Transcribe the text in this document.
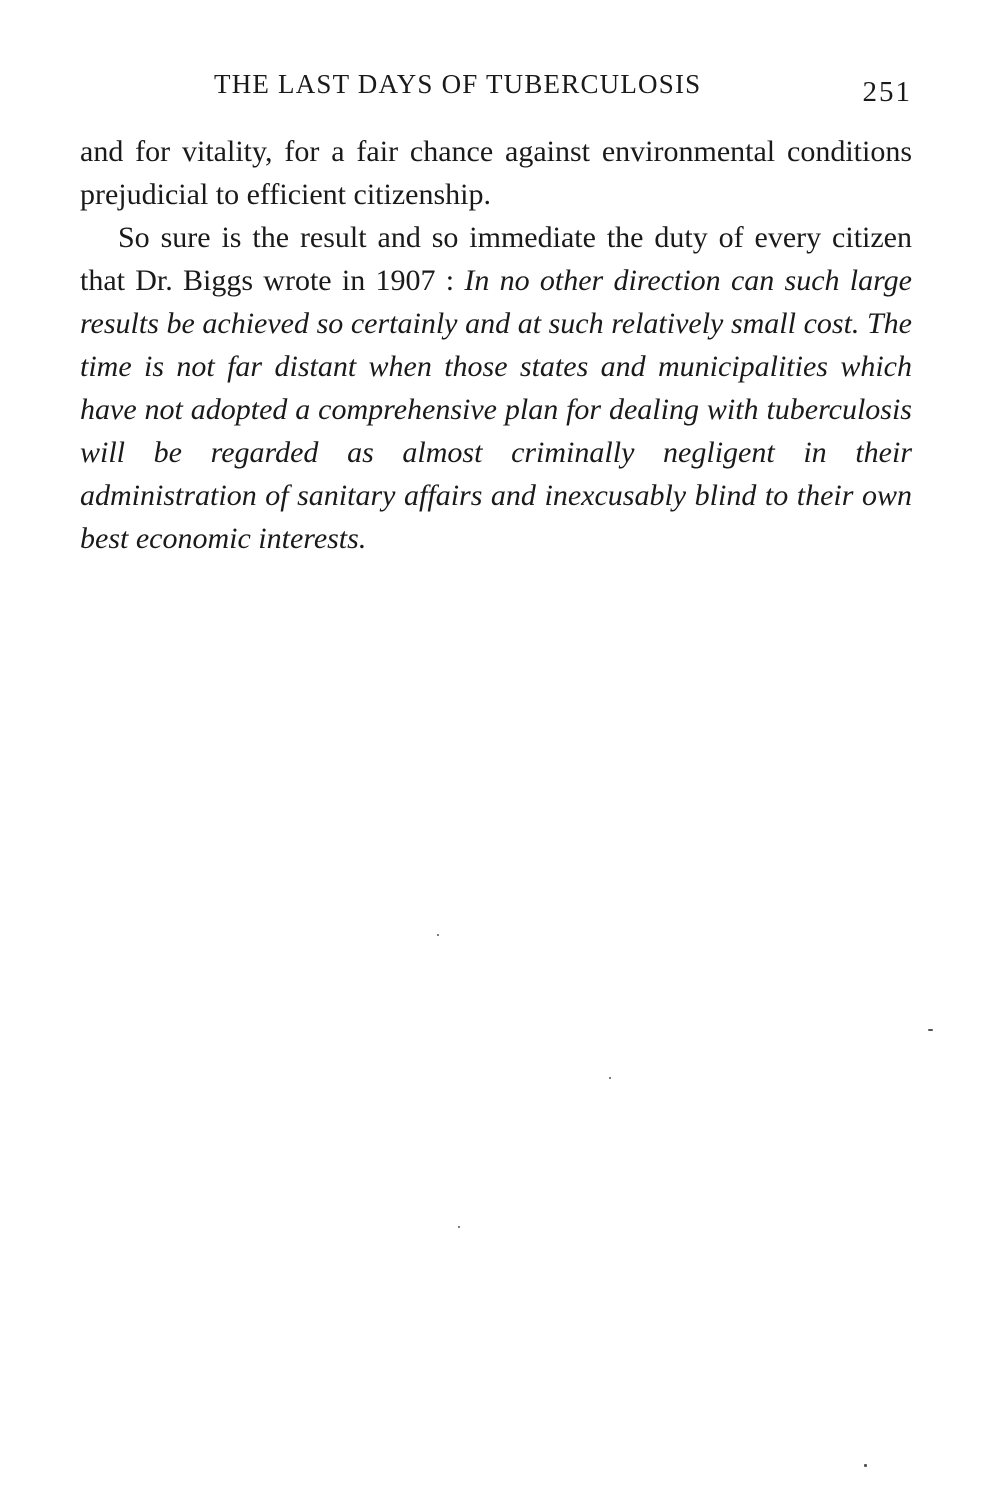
THE LAST DAYS OF TUBERCULOSIS	251

and for vitality, for a fair chance against environmental conditions prejudicial to efficient citizenship.

So sure is the result and so immediate the duty of every citizen that Dr. Biggs wrote in 1907 : In no other direction can such large results be achieved so certainly and at such relatively small cost. The time is not far distant when those states and municipalities which have not adopted a comprehensive plan for dealing with tuberculosis will be regarded as almost criminally negligent in their administration of sanitary affairs and inexcusably blind to their own best economic interests.
